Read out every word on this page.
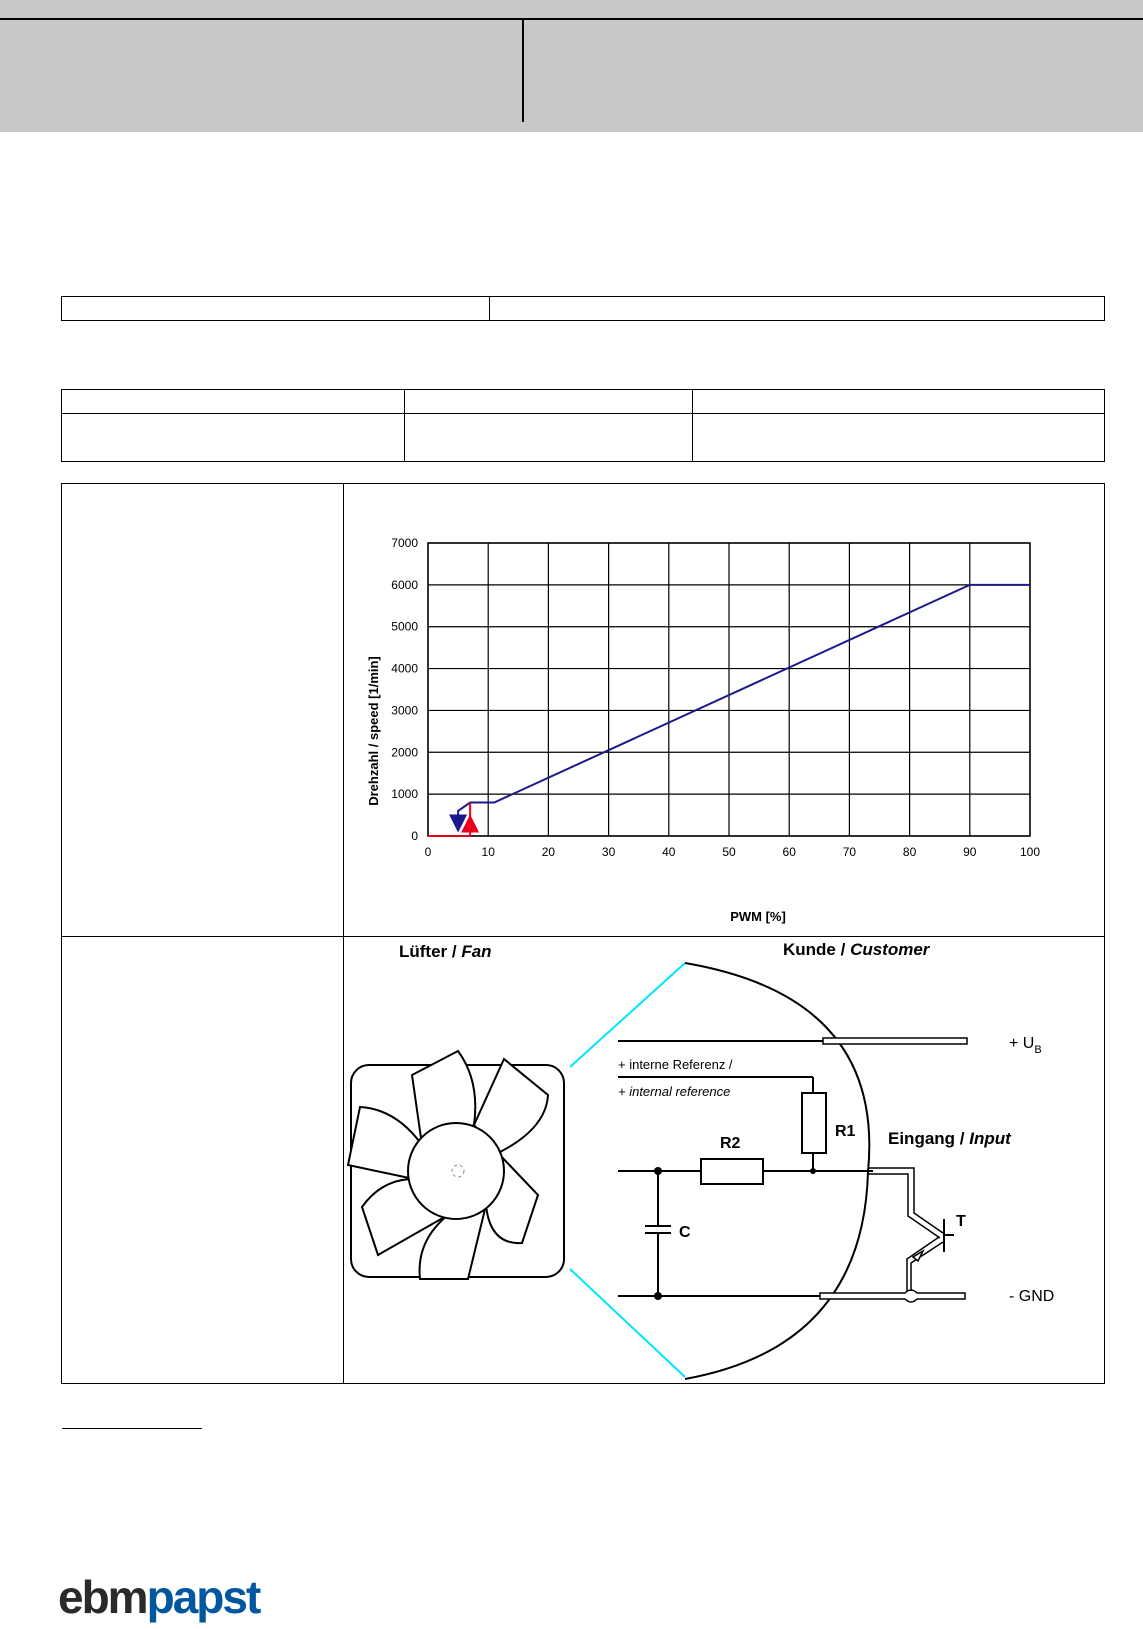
0
1000
2000
3000
4000
5000
6000
7000
0	10	20	30	40	50	60	70	80	90	100
PWM [%]
Drehzahl / speed [1/min]
Lüfter / Fan	Kunde / Customer
+ $U_B$
+ interne Referenz /
+ internal reference
R1
R2	Eingang / Input
C
- GND
T
ebmpapst
